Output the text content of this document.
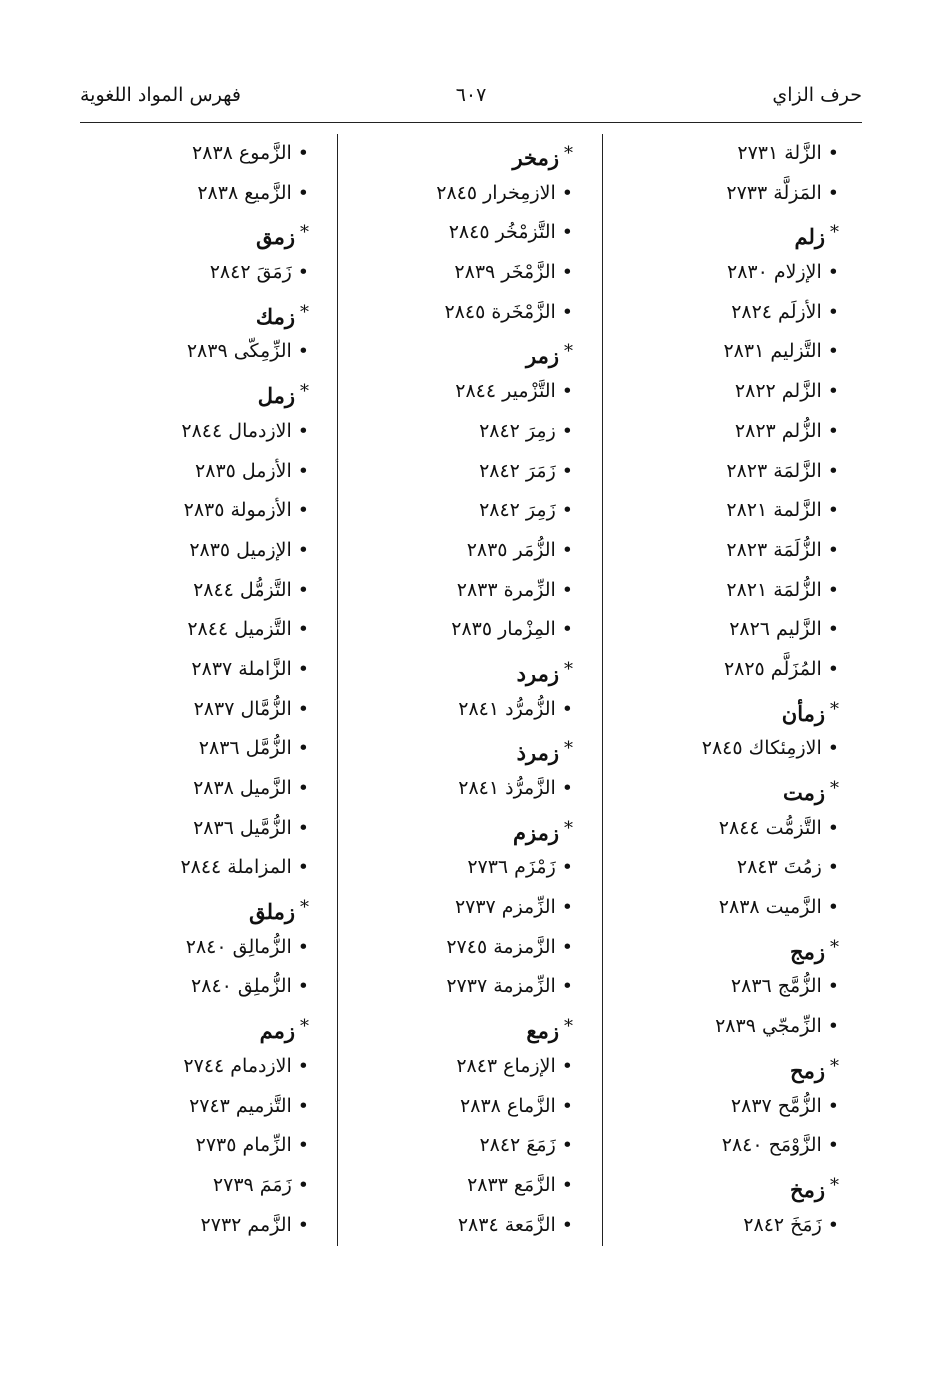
حرف الزاي
٦٠٧
فهرس المواد اللغوية
•الزَّلة ٢٧٣١
•المَزلَّة ٢٧٣٣
*زلم
•الإزلام ٢٨٣٠
•الأزلَم ٢٨٢٤
•التَّزليم ٢٨٣١
•الزَّلم ٢٨٢٢
•الزُّلم ٢٨٢٣
•الزَّلمَة ٢٨٢٣
•الزَّلمة ٢٨٢١
•الزُّلَمَة ٢٨٢٣
•الزُّلمَة ٢٨٢١
•الزَّليم ٢٨٢٦
•المُزَلَّم ٢٨٢٥
*زمأن
•الازمِئكاك ٢٨٤٥
*زمت
•التَّزمُّت ٢٨٤٤
•زمُتَ ٢٨٤٣
•الزَّميت ٢٨٣٨
*زمج
•الزُّمَّج ٢٨٣٦
•الزِّمجّي ٢٨٣٩
*زمح
•الزُّمَّح ٢٨٣٧
•الزَّوْمَح ٢٨٤٠
*زمخ
•زَمَخَ ٢٨٤٢
*زمخر
•الازمِخرار ٢٨٤٥
•التَّزمْخُر ٢٨٤٥
•الزَّمْخَر ٢٨٣٩
•الزَّمْخَرة ٢٨٤٥
*زمر
•التَّزْمير ٢٨٤٤
•زمِرَ ٢٨٤٢
•زَمَرَ ٢٨٤٢
•زَمِرَ ٢٨٤٢
•الزُّمَر ٢٨٣٥
•الزِّمرة ٢٨٣٣
•المِزْمار ٢٨٣٥
*زمرد
•الزُّمرُّد ٢٨٤١
*زمرذ
•الزَّمرُّذ ٢٨٤١
*زمزم
•زَمْزَم ٢٧٣٦
•الزِّمزم ٢٧٣٧
•الزَّمزمة ٢٧٤٥
•الزِّمزمة ٢٧٣٧
*زمع
•الإزماع ٢٨٤٣
•الزَّماع ٢٨٣٨
•زَمَعَ ٢٨٤٢
•الزَّمَع ٢٨٣٣
•الزَّمَعة ٢٨٣٤
•الزَّموع ٢٨٣٨
•الزَّميع ٢٨٣٨
*زمق
•زَمَقَ ٢٨٤٢
*زمك
•الزِّمِكّى ٢٨٣٩
*زمل
•الازدمال ٢٨٤٤
•الأزمل ٢٨٣٥
•الأزمولة ٢٨٣٥
•الإزميل ٢٨٣٥
•التَّزمُّل ٢٨٤٤
•التَّزميل ٢٨٤٤
•الزَّاملة ٢٨٣٧
•الزُّمَّال ٢٨٣٧
•الزُّمَّل ٢٨٣٦
•الزَّميل ٢٨٣٨
•الزُّمَّيل ٢٨٣٦
•المزاملة ٢٨٤٤
*زملق
•الزُّمالِق ٢٨٤٠
•الزُّملِق ٢٨٤٠
*زمم
•الازدمام ٢٧٤٤
•التَّزميم ٢٧٤٣
•الزِّمام ٢٧٣٥
•زَمَمَ ٢٧٣٩
•الزَّمم ٢٧٣٢
